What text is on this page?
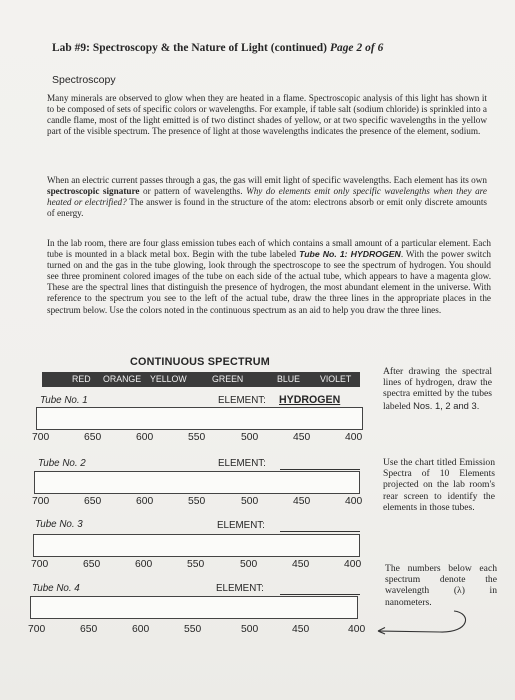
Lab #9: Spectroscopy & the Nature of Light (continued) Page 2 of 6
Spectroscopy
Many minerals are observed to glow when they are heated in a flame. Spectroscopic analysis of this light has shown it to be composed of sets of specific colors or wavelengths. For example, if table salt (sodium chloride) is sprinkled into a candle flame, most of the light emitted is of two distinct shades of yellow, or at two specific wavelengths in the yellow part of the visible spectrum. The presence of light at those wavelengths indicates the presence of the element, sodium.
When an electric current passes through a gas, the gas will emit light of specific wavelengths. Each element has its own spectroscopic signature or pattern of wavelengths. Why do elements emit only specific wavelengths when they are heated or electrified? The answer is found in the structure of the atom: electrons absorb or emit only discrete amounts of energy.
In the lab room, there are four glass emission tubes each of which contains a small amount of a particular element. Each tube is mounted in a black metal box. Begin with the tube labeled Tube No. 1: HYDROGEN. With the power switch turned on and the gas in the tube glowing, look through the spectroscope to see the spectrum of hydrogen. You should see three prominent colored images of the tube on each side of the actual tube, which appears to have a magenta glow. These are the spectral lines that distinguish the presence of hydrogen, the most abundant element in the universe. With reference to the spectrum you see to the left of the actual tube, draw the three lines in the appropriate places in the spectrum below. Use the colors noted in the continuous spectrum as an aid to help you draw the three lines.
CONTINUOUS SPECTRUM
RED ORANGE YELLOW	GREEN	BLUE VIOLET
Tube No. 1	ELEMENT: HYDROGEN
700	650	600	550	500	450	400
Tube No. 2	ELEMENT:
700	650	600	550	500	450	400
Tube No. 3	ELEMENT:
700	650	600	550	500	450	400
Tube No. 4	ELEMENT:
700	650	600	550	500	450	400
After drawing the spectral lines of hydrogen, draw the spectra emitted by the tubes labeled Nos. 1, 2 and 3.
Use the chart titled Emission Spectra of 10 Elements projected on the lab room's rear screen to identify the elements in those tubes.
The numbers below each spectrum denote the wavelength (λ) in nanometers.
